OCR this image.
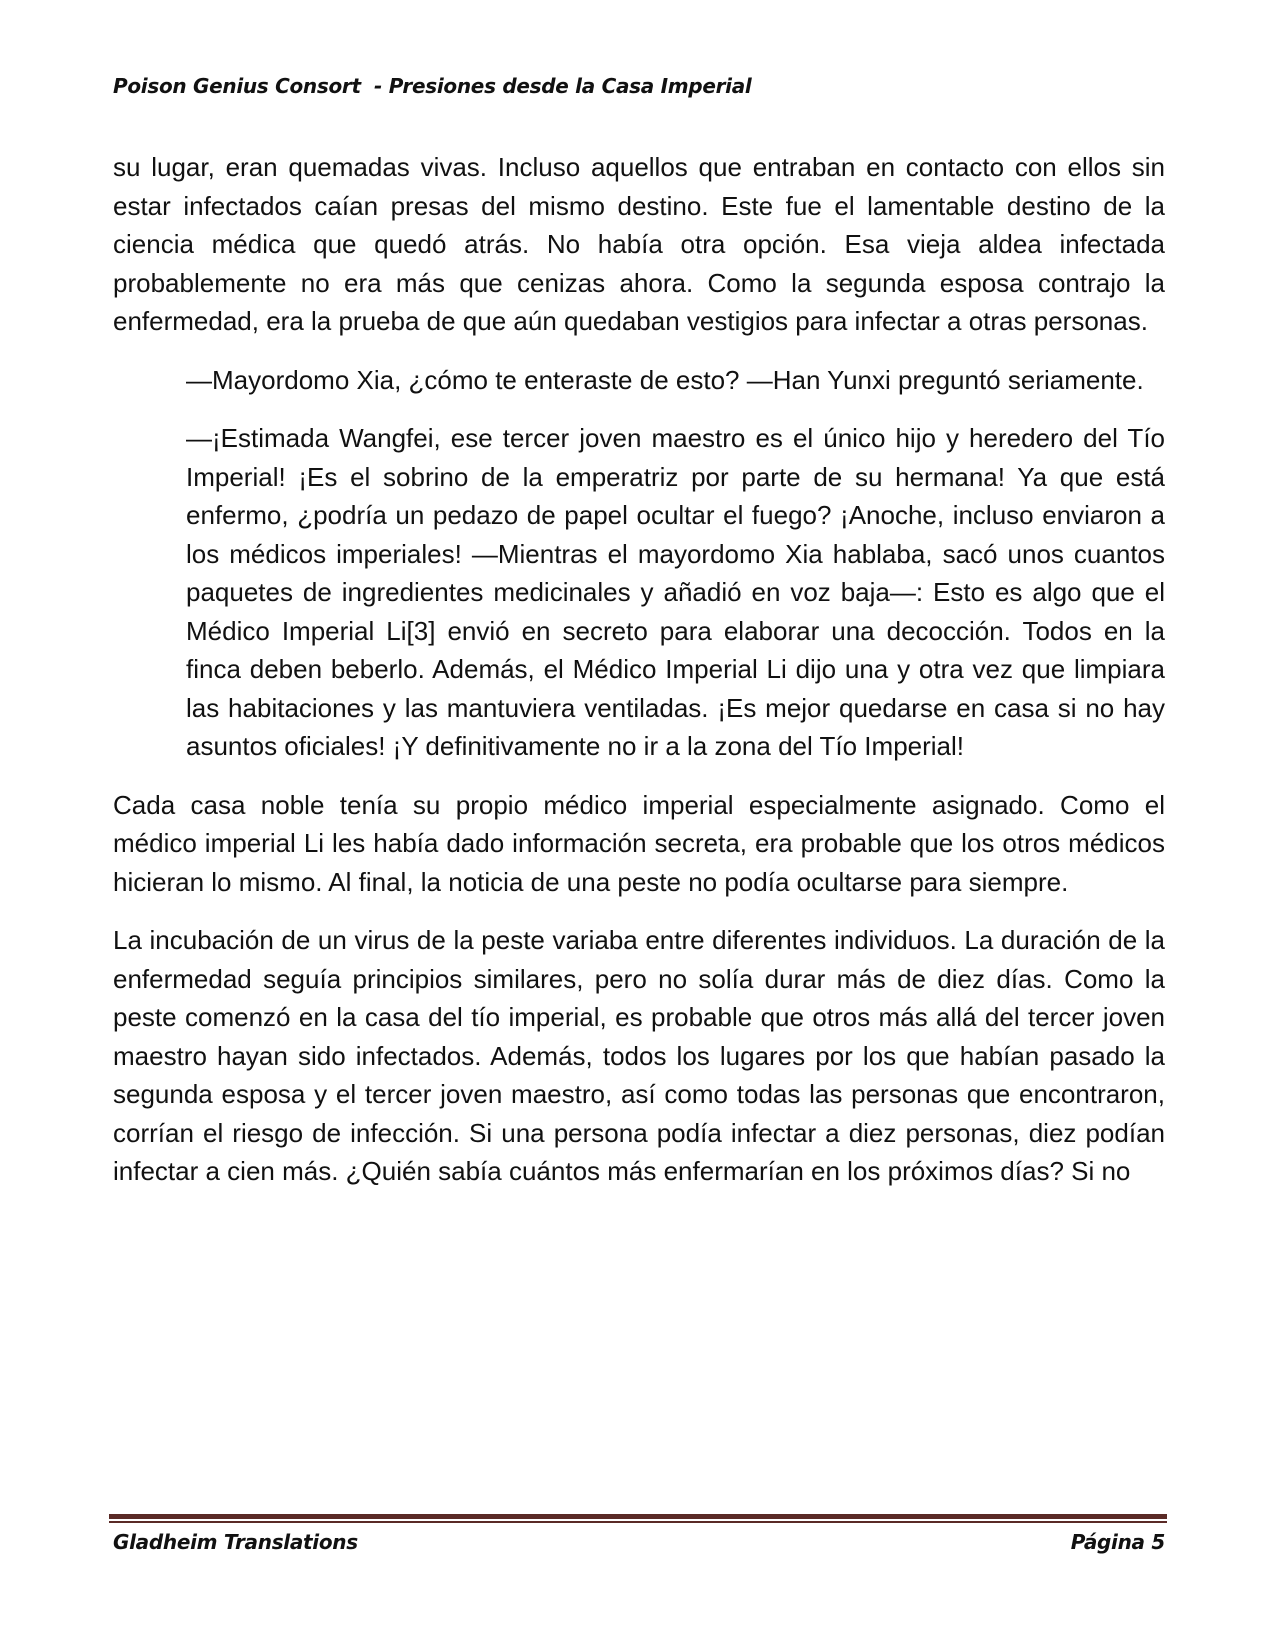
Poison Genius Consort  - Presiones desde la Casa Imperial

su lugar, eran quemadas vivas. Incluso aquellos que entraban en contacto con ellos sin estar infectados caían presas del mismo destino. Este fue el lamentable destino de la ciencia médica que quedó atrás. No había otra opción. Esa vieja aldea infectada probablemente no era más que cenizas ahora. Como la segunda esposa contrajo la enfermedad, era la prueba de que aún quedaban vestigios para infectar a otras personas.

—Mayordomo Xia, ¿cómo te enteraste de esto? —Han Yunxi preguntó seriamente.

—¡Estimada Wangfei, ese tercer joven maestro es el único hijo y heredero del Tío Imperial! ¡Es el sobrino de la emperatriz por parte de su hermana! Ya que está enfermo, ¿podría un pedazo de papel ocultar el fuego? ¡Anoche, incluso enviaron a los médicos imperiales! —Mientras el mayordomo Xia hablaba, sacó unos cuantos paquetes de ingredientes medicinales y añadió en voz baja—: Esto es algo que el Médico Imperial Li[3] envió en secreto para elaborar una decocción. Todos en la finca deben beberlo. Además, el Médico Imperial Li dijo una y otra vez que limpiara las habitaciones y las mantuviera ventiladas. ¡Es mejor quedarse en casa si no hay asuntos oficiales! ¡Y definitivamente no ir a la zona del Tío Imperial!

Cada casa noble tenía su propio médico imperial especialmente asignado. Como el médico imperial Li les había dado información secreta, era probable que los otros médicos hicieran lo mismo. Al final, la noticia de una peste no podía ocultarse para siempre.

La incubación de un virus de la peste variaba entre diferentes individuos. La duración de la enfermedad seguía principios similares, pero no solía durar más de diez días. Como la peste comenzó en la casa del tío imperial, es probable que otros más allá del tercer joven maestro hayan sido infectados. Además, todos los lugares por los que habían pasado la segunda esposa y el tercer joven maestro, así como todas las personas que encontraron, corrían el riesgo de infección. Si una persona podía infectar a diez personas, diez podían infectar a cien más. ¿Quién sabía cuántos más enfermarían en los próximos días? Si no

Gladheim Translations	Página 5
